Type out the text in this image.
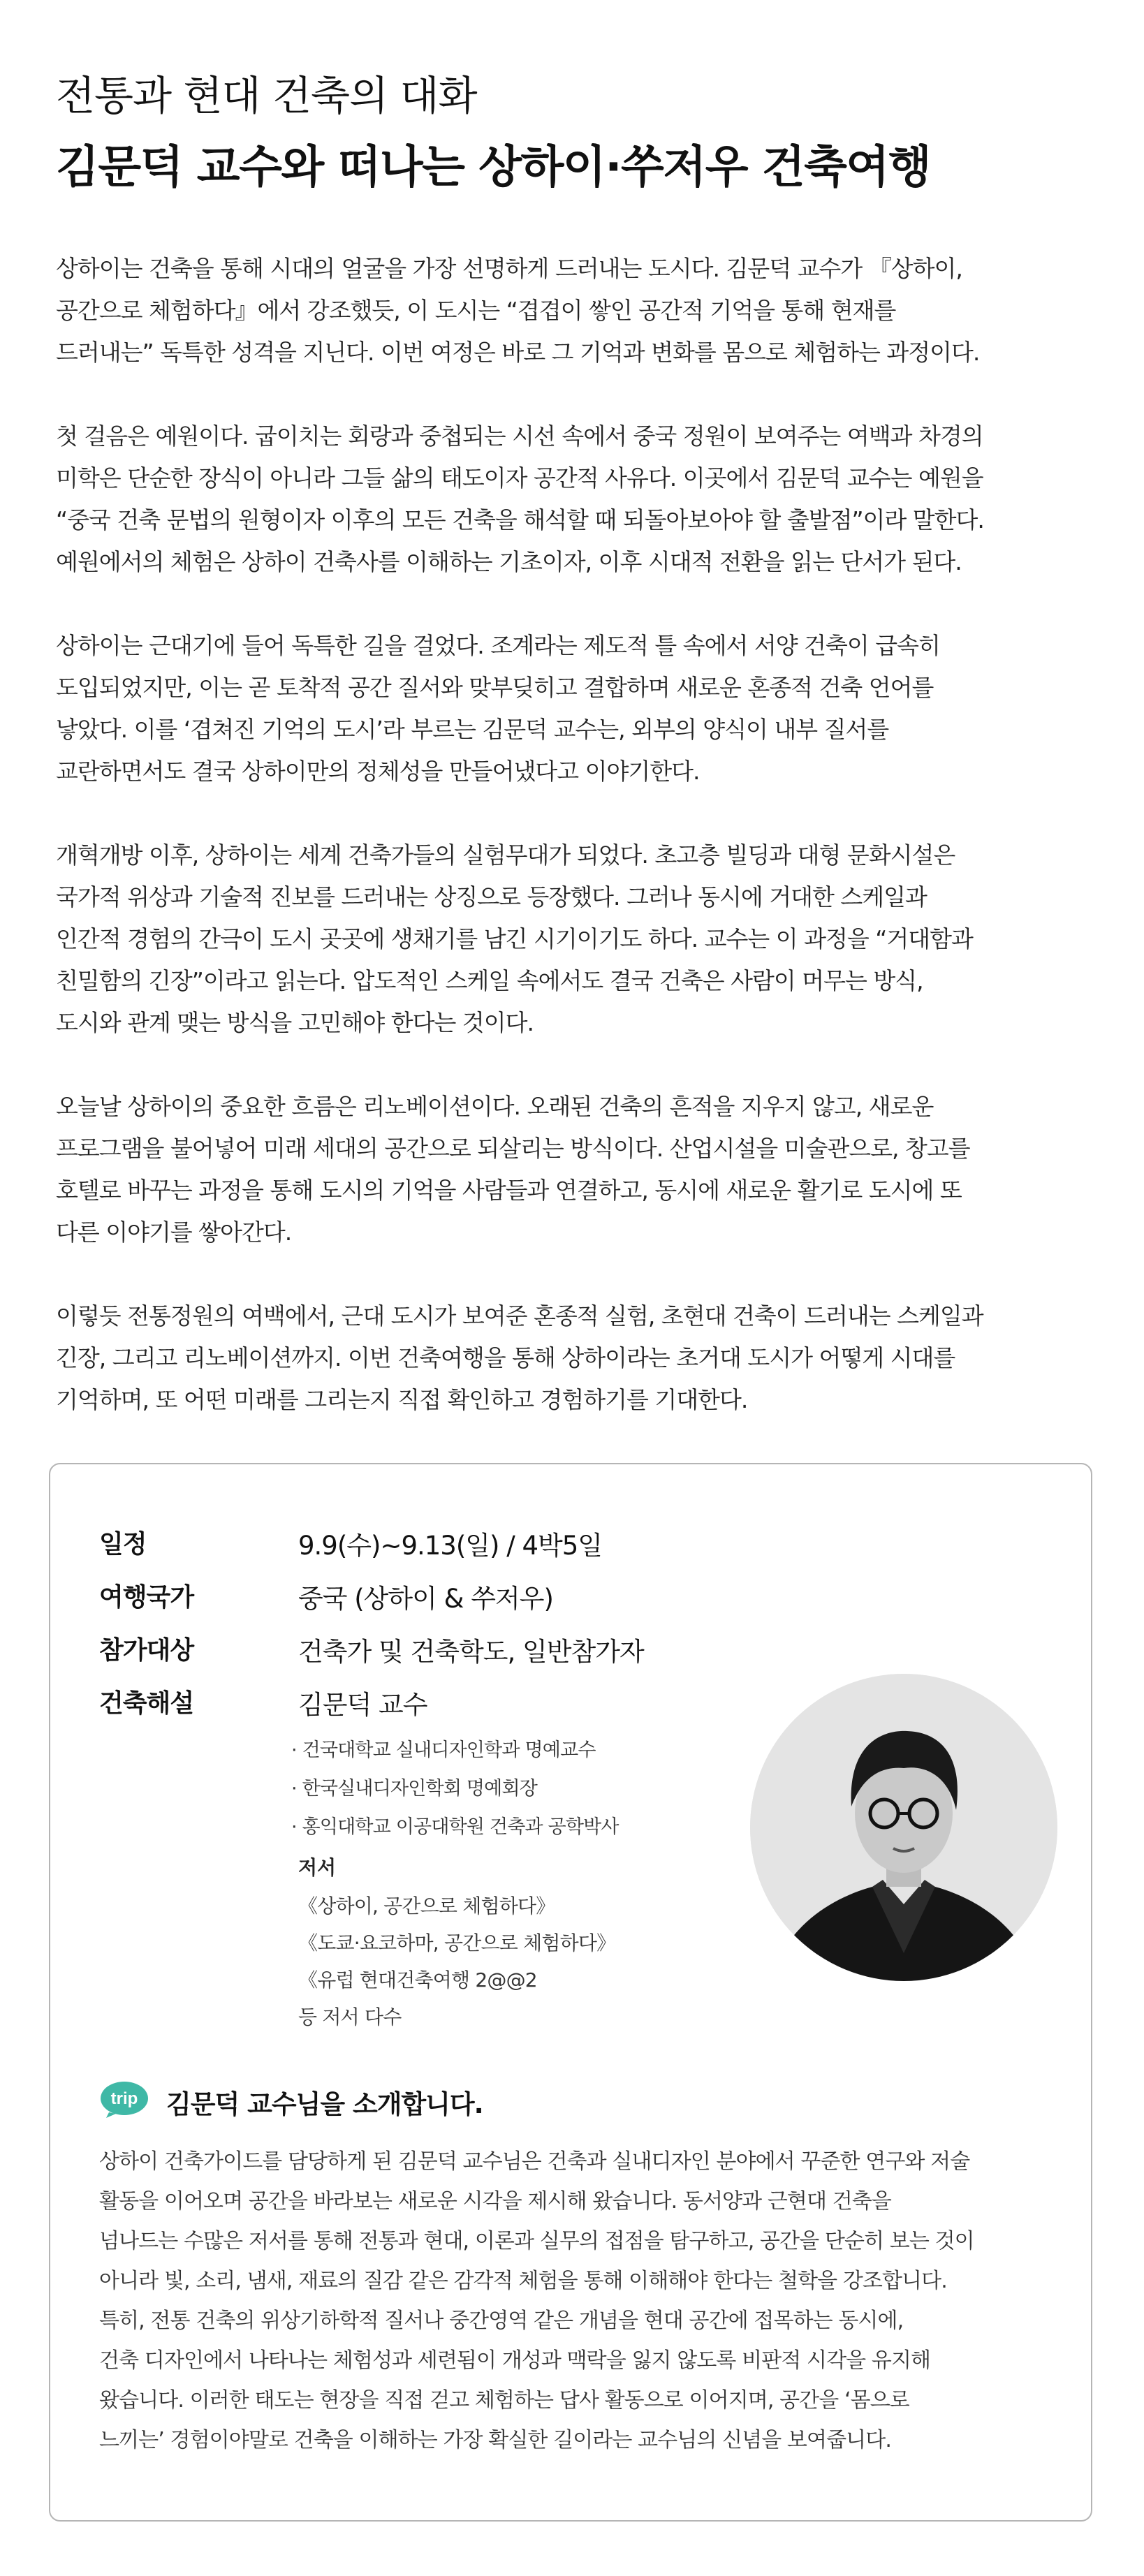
전통과 현대 건축의 대화
김문덕 교수와 떠나는 상하이·쑤저우 건축여행
상하이는 건축을 통해 시대의 얼굴을 가장 선명하게 드러내는 도시다. 김문덕 교수가 『상하이,
공간으로 체험하다』에서 강조했듯, 이 도시는 “겹겹이 쌓인 공간적 기억을 통해 현재를
드러내는” 독특한 성격을 지닌다. 이번 여정은 바로 그 기억과 변화를 몸으로 체험하는 과정이다.
첫 걸음은 예원이다. 굽이치는 회랑과 중첩되는 시선 속에서 중국 정원이 보여주는 여백과 차경의
미학은 단순한 장식이 아니라 그들 삶의 태도이자 공간적 사유다. 이곳에서 김문덕 교수는 예원을
“중국 건축 문법의 원형이자 이후의 모든 건축을 해석할 때 되돌아보아야 할 출발점”이라 말한다.
예원에서의 체험은 상하이 건축사를 이해하는 기초이자, 이후 시대적 전환을 읽는 단서가 된다.
상하이는 근대기에 들어 독특한 길을 걸었다. 조계라는 제도적 틀 속에서 서양 건축이 급속히
도입되었지만, 이는 곧 토착적 공간 질서와 맞부딪히고 결합하며 새로운 혼종적 건축 언어를
낳았다. 이를 ‘겹쳐진 기억의 도시’라 부르는 김문덕 교수는, 외부의 양식이 내부 질서를
교란하면서도 결국 상하이만의 정체성을 만들어냈다고 이야기한다.
개혁개방 이후, 상하이는 세계 건축가들의 실험무대가 되었다. 초고층 빌딩과 대형 문화시설은
국가적 위상과 기술적 진보를 드러내는 상징으로 등장했다. 그러나 동시에 거대한 스케일과
인간적 경험의 간극이 도시 곳곳에 생채기를 남긴 시기이기도 하다. 교수는 이 과정을 “거대함과
친밀함의 긴장”이라고 읽는다. 압도적인 스케일 속에서도 결국 건축은 사람이 머무는 방식,
도시와 관계 맺는 방식을 고민해야 한다는 것이다.
오늘날 상하이의 중요한 흐름은 리노베이션이다. 오래된 건축의 흔적을 지우지 않고, 새로운
프로그램을 불어넣어 미래 세대의 공간으로 되살리는 방식이다. 산업시설을 미술관으로, 창고를
호텔로 바꾸는 과정을 통해 도시의 기억을 사람들과 연결하고, 동시에 새로운 활기로 도시에 또
다른 이야기를 쌓아간다.
이렇듯 전통정원의 여백에서, 근대 도시가 보여준 혼종적 실험, 초현대 건축이 드러내는 스케일과
긴장, 그리고 리노베이션까지. 이번 건축여행을 통해 상하이라는 초거대 도시가 어떻게 시대를
기억하며, 또 어떤 미래를 그리는지 직접 확인하고 경험하기를 기대한다.
일정	9.9(수)~9.13(일) / 4박5일
여행국가	중국 (상하이 & 쑤저우)
참가대상	건축가 및 건축학도, 일반참가자
건축해설	김문덕 교수
· 건국대학교 실내디자인학과 명예교수
· 한국실내디자인학회 명예회장
· 홍익대학교 이공대학원 건축과 공학박사
저서
《상하이, 공간으로 체험하다》
《도쿄·요코하마, 공간으로 체험하다》
《유럽 현대건축여행 2@@2
등 저서 다수
trip 김문덕 교수님을 소개합니다.
상하이 건축가이드를 담당하게 된 김문덕 교수님은 건축과 실내디자인 분야에서 꾸준한 연구와 저술
활동을 이어오며 공간을 바라보는 새로운 시각을 제시해 왔습니다. 동서양과 근현대 건축을
넘나드는 수많은 저서를 통해 전통과 현대, 이론과 실무의 접점을 탐구하고, 공간을 단순히 보는 것이
아니라 빛, 소리, 냄새, 재료의 질감 같은 감각적 체험을 통해 이해해야 한다는 철학을 강조합니다.
특히, 전통 건축의 위상기하학적 질서나 중간영역 같은 개념을 현대 공간에 접목하는 동시에,
건축 디자인에서 나타나는 체험성과 세련됨이 개성과 맥락을 잃지 않도록 비판적 시각을 유지해
왔습니다. 이러한 태도는 현장을 직접 걷고 체험하는 답사 활동으로 이어지며, 공간을 ‘몸으로
느끼는’ 경험이야말로 건축을 이해하는 가장 확실한 길이라는 교수님의 신념을 보여줍니다.
